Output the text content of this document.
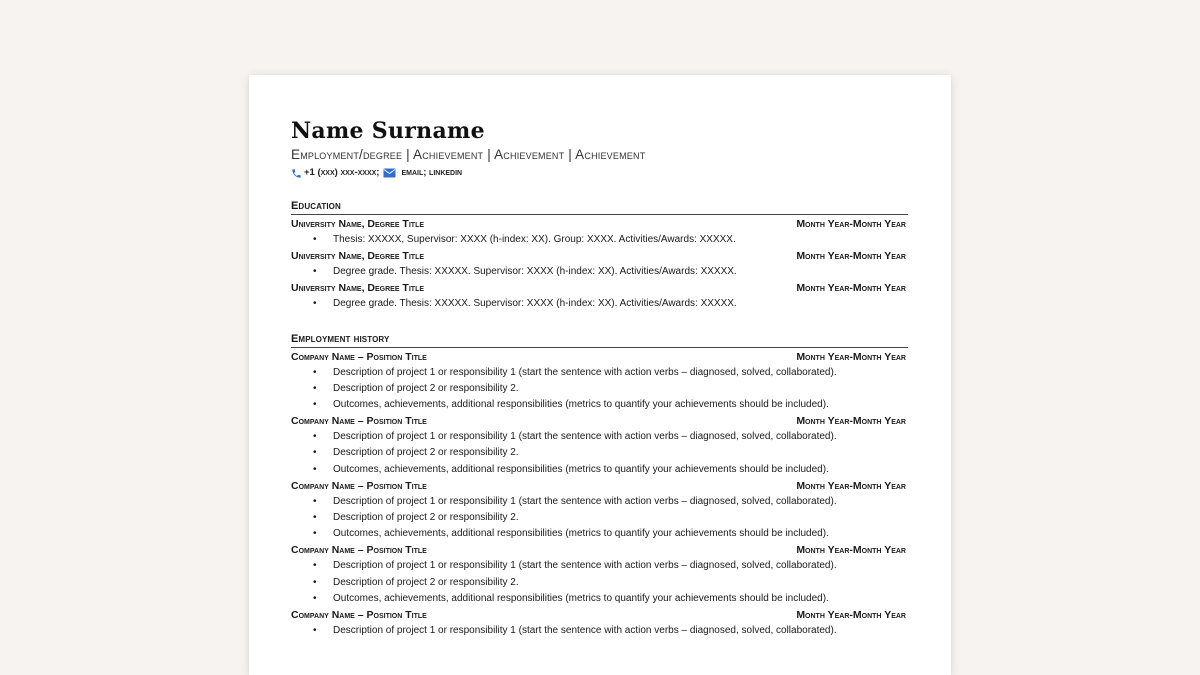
Name Surname
Employment/degree | Achievement | Achievement | Achievement
+1 (xxx) xxx-xxxx; email; linkedin
Education
University Name, Degree Title	Month Year-Month Year
• Thesis: XXXXX, Supervisor: XXXX (h-index: XX). Group: XXXX. Activities/Awards: XXXXX.
University Name, Degree Title	Month Year-Month Year
• Degree grade. Thesis: XXXXX. Supervisor: XXXX (h-index: XX). Activities/Awards: XXXXX.
University Name, Degree Title	Month Year-Month Year
• Degree grade. Thesis: XXXXX. Supervisor: XXXX (h-index: XX). Activities/Awards: XXXXX.
Employment history
Company Name – Position Title	Month Year-Month Year
• Description of project 1 or responsibility 1 (start the sentence with action verbs – diagnosed, solved, collaborated).
• Description of project 2 or responsibility 2.
• Outcomes, achievements, additional responsibilities (metrics to quantify your achievements should be included).
Company Name – Position Title	Month Year-Month Year
• Description of project 1 or responsibility 1 (start the sentence with action verbs – diagnosed, solved, collaborated).
• Description of project 2 or responsibility 2.
• Outcomes, achievements, additional responsibilities (metrics to quantify your achievements should be included).
Company Name – Position Title	Month Year-Month Year
• Description of project 1 or responsibility 1 (start the sentence with action verbs – diagnosed, solved, collaborated).
• Description of project 2 or responsibility 2.
• Outcomes, achievements, additional responsibilities (metrics to quantify your achievements should be included).
Company Name – Position Title	Month Year-Month Year
• Description of project 1 or responsibility 1 (start the sentence with action verbs – diagnosed, solved, collaborated).
• Description of project 2 or responsibility 2.
• Outcomes, achievements, additional responsibilities (metrics to quantify your achievements should be included).
Company Name – Position Title	Month Year-Month Year
• Description of project 1 or responsibility 1 (start the sentence with action verbs – diagnosed, solved, collaborated).
